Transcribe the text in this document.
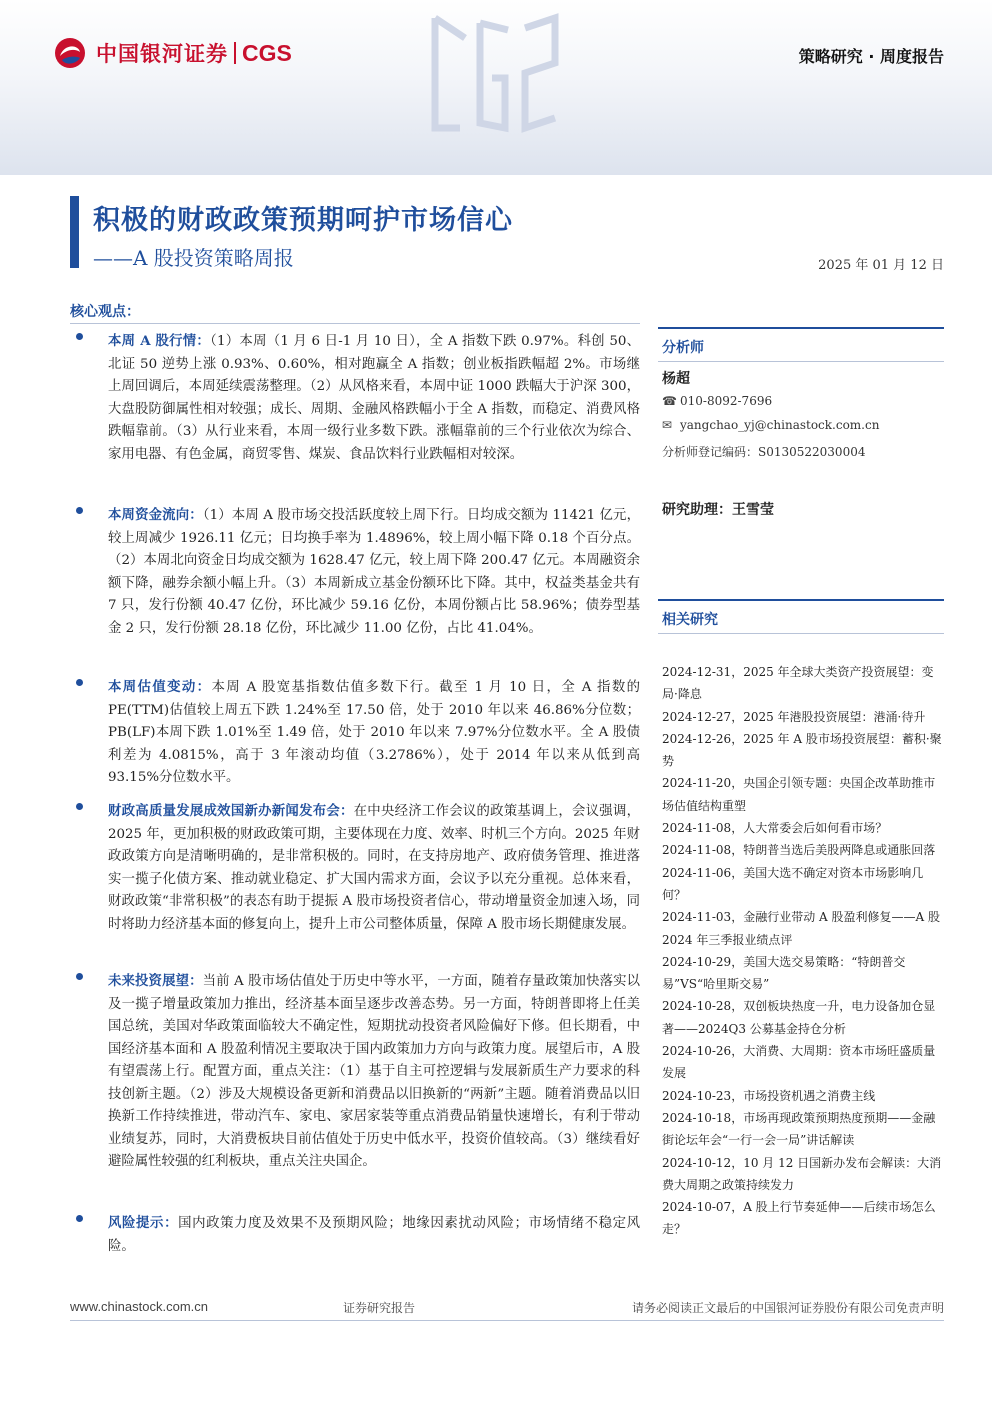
中国银河证券 CGS	策略研究 · 周度报告
积极的财政政策预期呵护市场信心
——A 股投资策略周报	2025 年 01 月 12 日
核心观点：

本周 A 股行情：（1）本周（1 月 6 日-1 月 10 日），全 A 指数下跌 0.97%。科创 50、北证 50 逆势上涨 0.93%、0.60%，相对跑赢全 A 指数；创业板指跌幅超 2%。市场继上周回调后，本周延续震荡整理。（2）从风格来看，本周中证 1000 跌幅大于沪深 300，大盘股防御属性相对较强；成长、周期、金融风格跌幅小于全 A 指数，而稳定、消费风格跌幅靠前。（3）从行业来看，本周一级行业多数下跌。涨幅靠前的三个行业依次为综合、家用电器、有色金属，商贸零售、煤炭、食品饮料行业跌幅相对较深。

本周资金流向：（1）本周 A 股市场交投活跃度较上周下行。日均成交额为 11421 亿元，较上周减少 1926.11 亿元；日均换手率为 1.4896%，较上周小幅下降 0.18 个百分点。（2）本周北向资金日均成交额为 1628.47 亿元，较上周下降 200.47 亿元。本周融资余额下降，融券余额小幅上升。（3）本周新成立基金份额环比下降。其中，权益类基金共有 7 只，发行份额 40.47 亿份，环比减少 59.16 亿份，本周份额占比 58.96%；债券型基金 2 只，发行份额 28.18 亿份，环比减少 11.00 亿份，占比 41.04%。

本周估值变动：本周 A 股宽基指数估值多数下行。截至 1 月 10 日，全 A 指数的 PE(TTM)估值较上周五下跌 1.24%至 17.50 倍，处于 2010 年以来 46.86%分位数；PB(LF)本周下跌 1.01%至 1.49 倍，处于 2010 年以来 7.97%分位数水平。全 A 股债利差为 4.0815%，高于 3 年滚动均值（3.2786%），处于 2014 年以来从低到高 93.15%分位数水平。

财政高质量发展成效国新办新闻发布会：在中央经济工作会议的政策基调上，会议强调，2025 年，更加积极的财政政策可期，主要体现在力度、效率、时机三个方向。2025 年财政政策方向是清晰明确的，是非常积极的。同时，在支持房地产、政府债务管理、推进落实一揽子化债方案、推动就业稳定、扩大国内需求方面，会议予以充分重视。总体来看，财政政策“非常积极”的表态有助于提振 A 股市场投资者信心，带动增量资金加速入场，同时将助力经济基本面的修复向上，提升上市公司整体质量，保障 A 股市场长期健康发展。

未来投资展望：当前 A 股市场估值处于历史中等水平，一方面，随着存量政策加快落实以及一揽子增量政策加力推出，经济基本面呈逐步改善态势。另一方面，特朗普即将上任美国总统，美国对华政策面临较大不确定性，短期扰动投资者风险偏好下修。但长期看，中国经济基本面和 A 股盈利情况主要取决于国内政策加力方向与政策力度。展望后市，A 股有望震荡上行。配置方面，重点关注：（1）基于自主可控逻辑与发展新质生产力要求的科技创新主题。（2）涉及大规模设备更新和消费品以旧换新的“两新”主题。随着消费品以旧换新工作持续推进，带动汽车、家电、家居家装等重点消费品销量快速增长，有利于带动业绩复苏，同时，大消费板块目前估值处于历史中低水平，投资价值较高。（3）继续看好避险属性较强的红利板块，重点关注央国企。

风险提示：国内政策力度及效果不及预期风险；地缘因素扰动风险；市场情绪不稳定风险。

分析师
杨超
☎ 010-8092-7696
✉ yangchao_yj@chinastock.com.cn
分析师登记编码：S0130522030004
研究助理：王雪莹
相关研究
2024-12-31，2025 年全球大类资产投资展望：变局·降息
2024-12-27，2025 年港股投资展望：港涌·待升
2024-12-26，2025 年 A 股市场投资展望：蓄积·聚势
2024-11-20，央国企引领专题：央国企改革助推市场估值结构重塑
2024-11-08，人大常委会后如何看市场？
2024-11-08，特朗普当选后美股两降息或通胀回落
2024-11-06，美国大选不确定对资本市场影响几何？
2024-11-03，金融行业带动 A 股盈利修复——A 股 2024 年三季报业绩点评
2024-10-29，美国大选交易策略：“特朗普交易”VS“哈里斯交易”
2024-10-28，双创板块热度一升，电力设备加仓显著——2024Q3 公募基金持仓分析
2024-10-26，大消费、大周期：资本市场旺盛质量发展
2024-10-23，市场投资机遇之消费主线
2024-10-18，市场再现政策预期热度预期——金融街论坛年会“一行一会一局”讲话解读
2024-10-12，10 月 12 日国新办发布会解读：大消费大周期之政策持续发力
2024-10-07，A 股上行节奏延伸——后续市场怎么走？
www.chinastock.com.cn	证券研究报告	请务必阅读正文最后的中国银河证券股份有限公司免责声明
